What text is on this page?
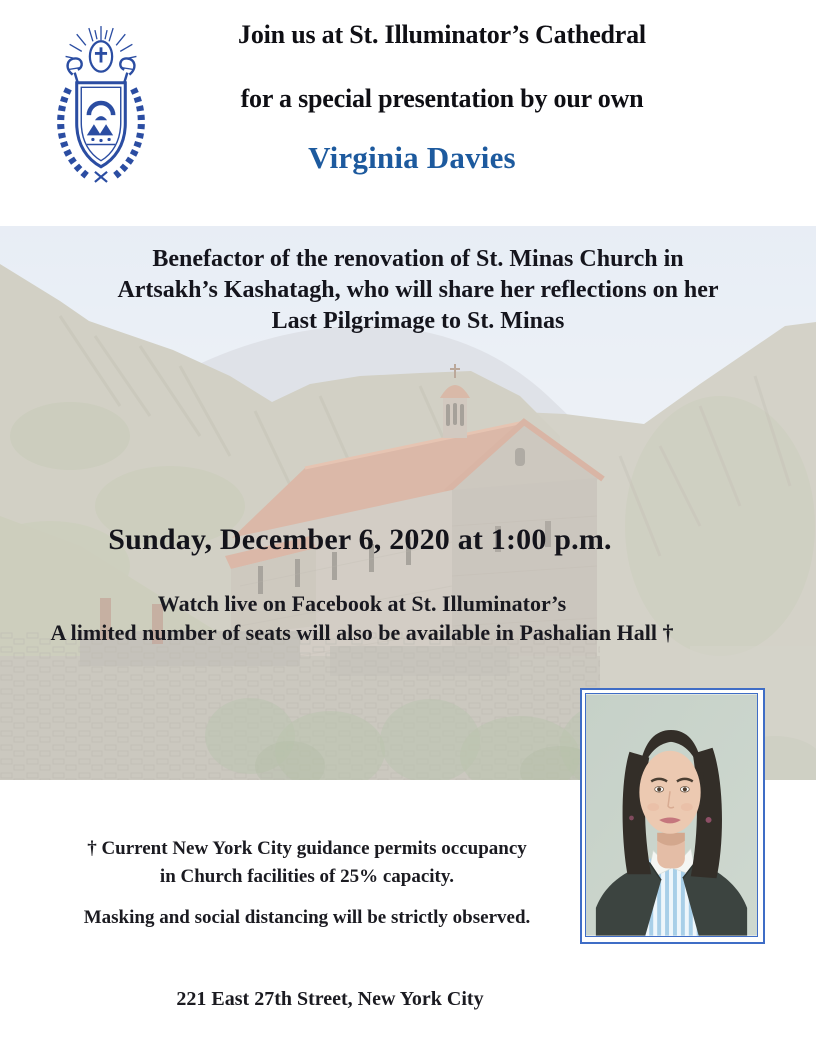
Join us at St. Illuminator’s Cathedral
for a special presentation by our own
Virginia Davies
Benefactor of the renovation of St. Minas Church in
Artsakh’s Kashatagh, who will share her reflections on her
Last Pilgrimage to St. Minas
Sunday, December 6, 2020 at 1:00 p.m.
Watch live on Facebook at St. Illuminator’s
A limited number of seats will also be available in Pashalian Hall †
† Current New York City guidance permits occupancy
in Church facilities of 25% capacity.
Masking and social distancing will be strictly observed.
221 East 27th Street, New York City
